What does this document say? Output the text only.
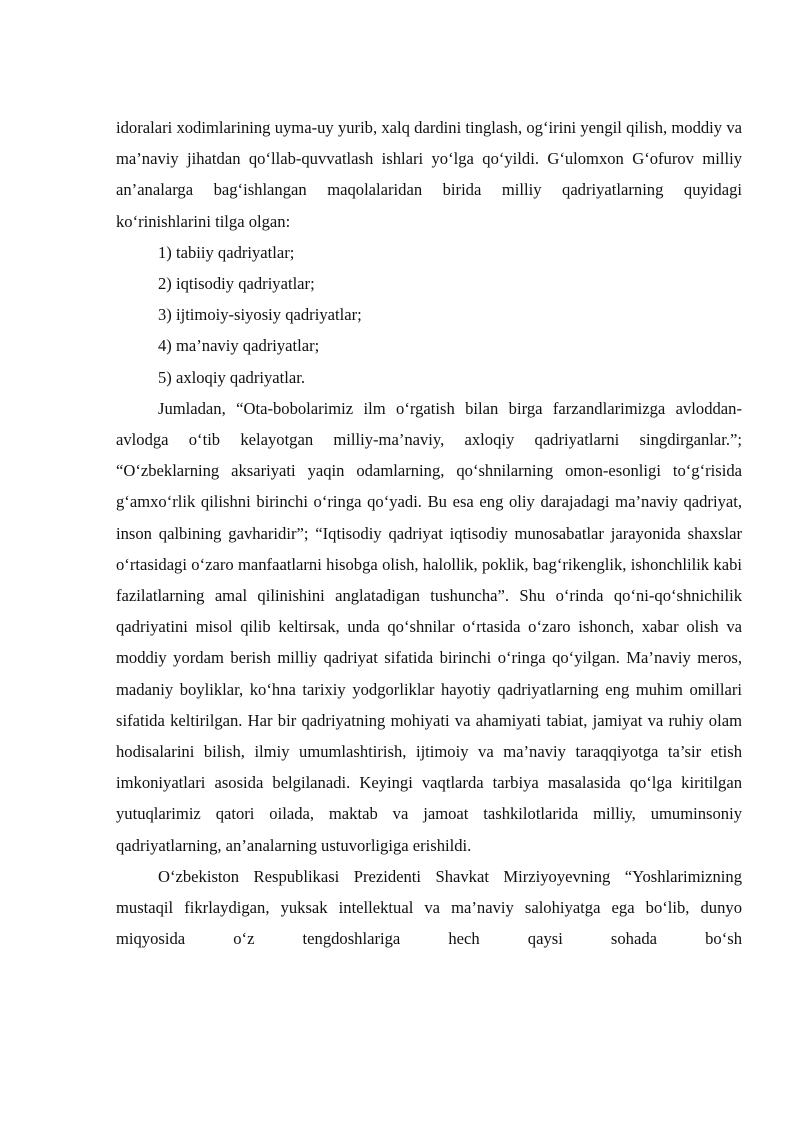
idoralari xodimlarining uyma-uy yurib, xalq dardini tinglash, og‘irini yengil qilish, moddiy va ma’naviy jihatdan qo‘llab-quvvatlash ishlari yo‘lga qo‘yildi. G‘ulomxon G‘ofurov milliy an’analarga bag‘ishlangan maqolalaridan birida milliy qadriyatlarning quyidagi ko‘rinishlarini tilga olgan:

1) tabiiy qadriyatlar;

2) iqtisodiy qadriyatlar;

3) ijtimoiy-siyosiy qadriyatlar;

4) ma’naviy qadriyatlar;

5) axloqiy qadriyatlar.

Jumladan, “Ota-bobolarimiz ilm o‘rgatish bilan birga farzandlarimizga avloddan-avlodga o‘tib kelayotgan milliy-ma’naviy, axloqiy qadriyatlarni singdirganlar.”; “O‘zbeklarning aksariyati yaqin odamlarning, qo‘shnilarning omon-esonligi to‘g‘risida g‘amxo‘rlik qilishni birinchi o‘ringa qo‘yadi. Bu esa eng oliy darajadagi ma’naviy qadriyat, inson qalbining gavharidir”; “Iqtisodiy qadriyat iqtisodiy munosabatlar jarayonida shaxslar o‘rtasidagi o‘zaro manfaatlarni hisobga olish, halollik, poklik, bag‘rikenglik, ishonchlilik kabi fazilatlarning amal qilinishini anglatadigan tushuncha”. Shu o‘rinda qo‘ni-qo‘shnichilik qadriyatini misol qilib keltirsak, unda qo‘shnilar o‘rtasida o‘zaro ishonch, xabar olish va moddiy yordam berish milliy qadriyat sifatida birinchi o‘ringa qo‘yilgan. Ma’naviy meros, madaniy boyliklar, ko‘hna tarixiy yodgorliklar hayotiy qadriyatlarning eng muhim omillari sifatida keltirilgan. Har bir qadriyatning mohiyati va ahamiyati tabiat, jamiyat va ruhiy olam hodisalarini bilish, ilmiy umumlashtirish, ijtimoiy va ma’naviy taraqqiyotga ta’sir etish imkoniyatlari asosida belgilanadi. Keyingi vaqtlarda tarbiya masalasida qo‘lga kiritilgan yutuqlarimiz qatori oilada, maktab va jamoat tashkilotlarida milliy, umuminsoniy qadriyatlarning, an’analarning ustuvorligiga erishildi.

O‘zbekiston Respublikasi Prezidenti Shavkat Mirziyoyevning “Yoshlarimizning mustaqil fikrlaydigan, yuksak intellektual va ma’naviy salohiyatga ega bo‘lib, dunyo miqyosida o‘z tengdoshlariga hech qaysi sohada bo‘sh
